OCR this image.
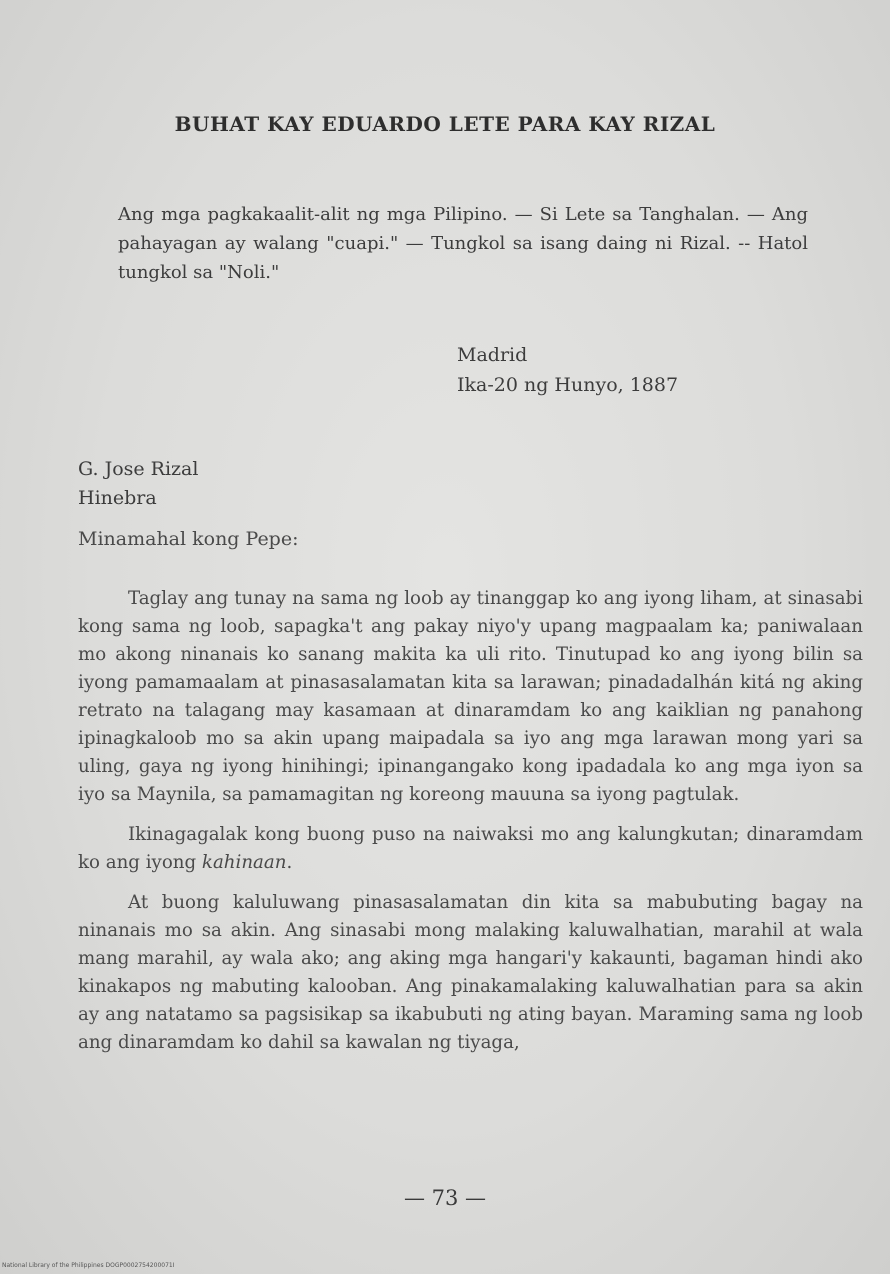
BUHAT KAY EDUARDO LETE PARA KAY RIZAL
Ang mga pagkakaalit-alit ng mga Pilipino. — Si Lete sa Tanghalan. — Ang pahayagan ay walang "cuapi." — Tungkol sa isang daing ni Rizal. -- Hatol tungkol sa "Noli."
Madrid
Ika-20 ng Hunyo, 1887
G. Jose Rizal
Hinebra
Minamahal kong Pepe:

Taglay ang tunay na sama ng loob ay tinanggap ko ang iyong liham, at sinasabi kong sama ng loob, sapagka't ang pakay niyo'y upang magpaalam ka; paniwalaan mo akong ninanais ko sanang makita ka uli rito. Tinutupad ko ang iyong bilin sa iyong pamamaalam at pinasasalamatan kita sa larawan; pinadadalhán kitá ng aking retrato na talagang may kasamaan at dinaramdam ko ang kaiklian ng panahong ipinagkaloob mo sa akin upang maipadala sa iyo ang mga larawan mong yari sa uling, gaya ng iyong hinihingi; ipinangangako kong ipadadala ko ang mga iyon sa iyo sa Maynila, sa pamamagitan ng koreong mauuna sa iyong pagtulak.

Ikinagagalak kong buong puso na naiwaksi mo ang kalungkutan; dinaramdam ko ang iyong kahinaan.

At buong kaluluwang pinasasalamatan din kita sa mabubuting bagay na ninanais mo sa akin. Ang sinasabi mong malaking kaluwalhatian, marahil at wala mang marahil, ay wala ako; ang aking mga hangari'y kakaunti, bagaman hindi ako kinakapos ng mabuting kalooban. Ang pinakamalaking kaluwalhatian para sa akin ay ang natatamo sa pagsisikap sa ikabubuti ng ating bayan. Maraming sama ng loob ang dinaramdam ko dahil sa kawalan ng tiyaga,

— 73 —
National Library of the Philippines DOGP0002754200071I
